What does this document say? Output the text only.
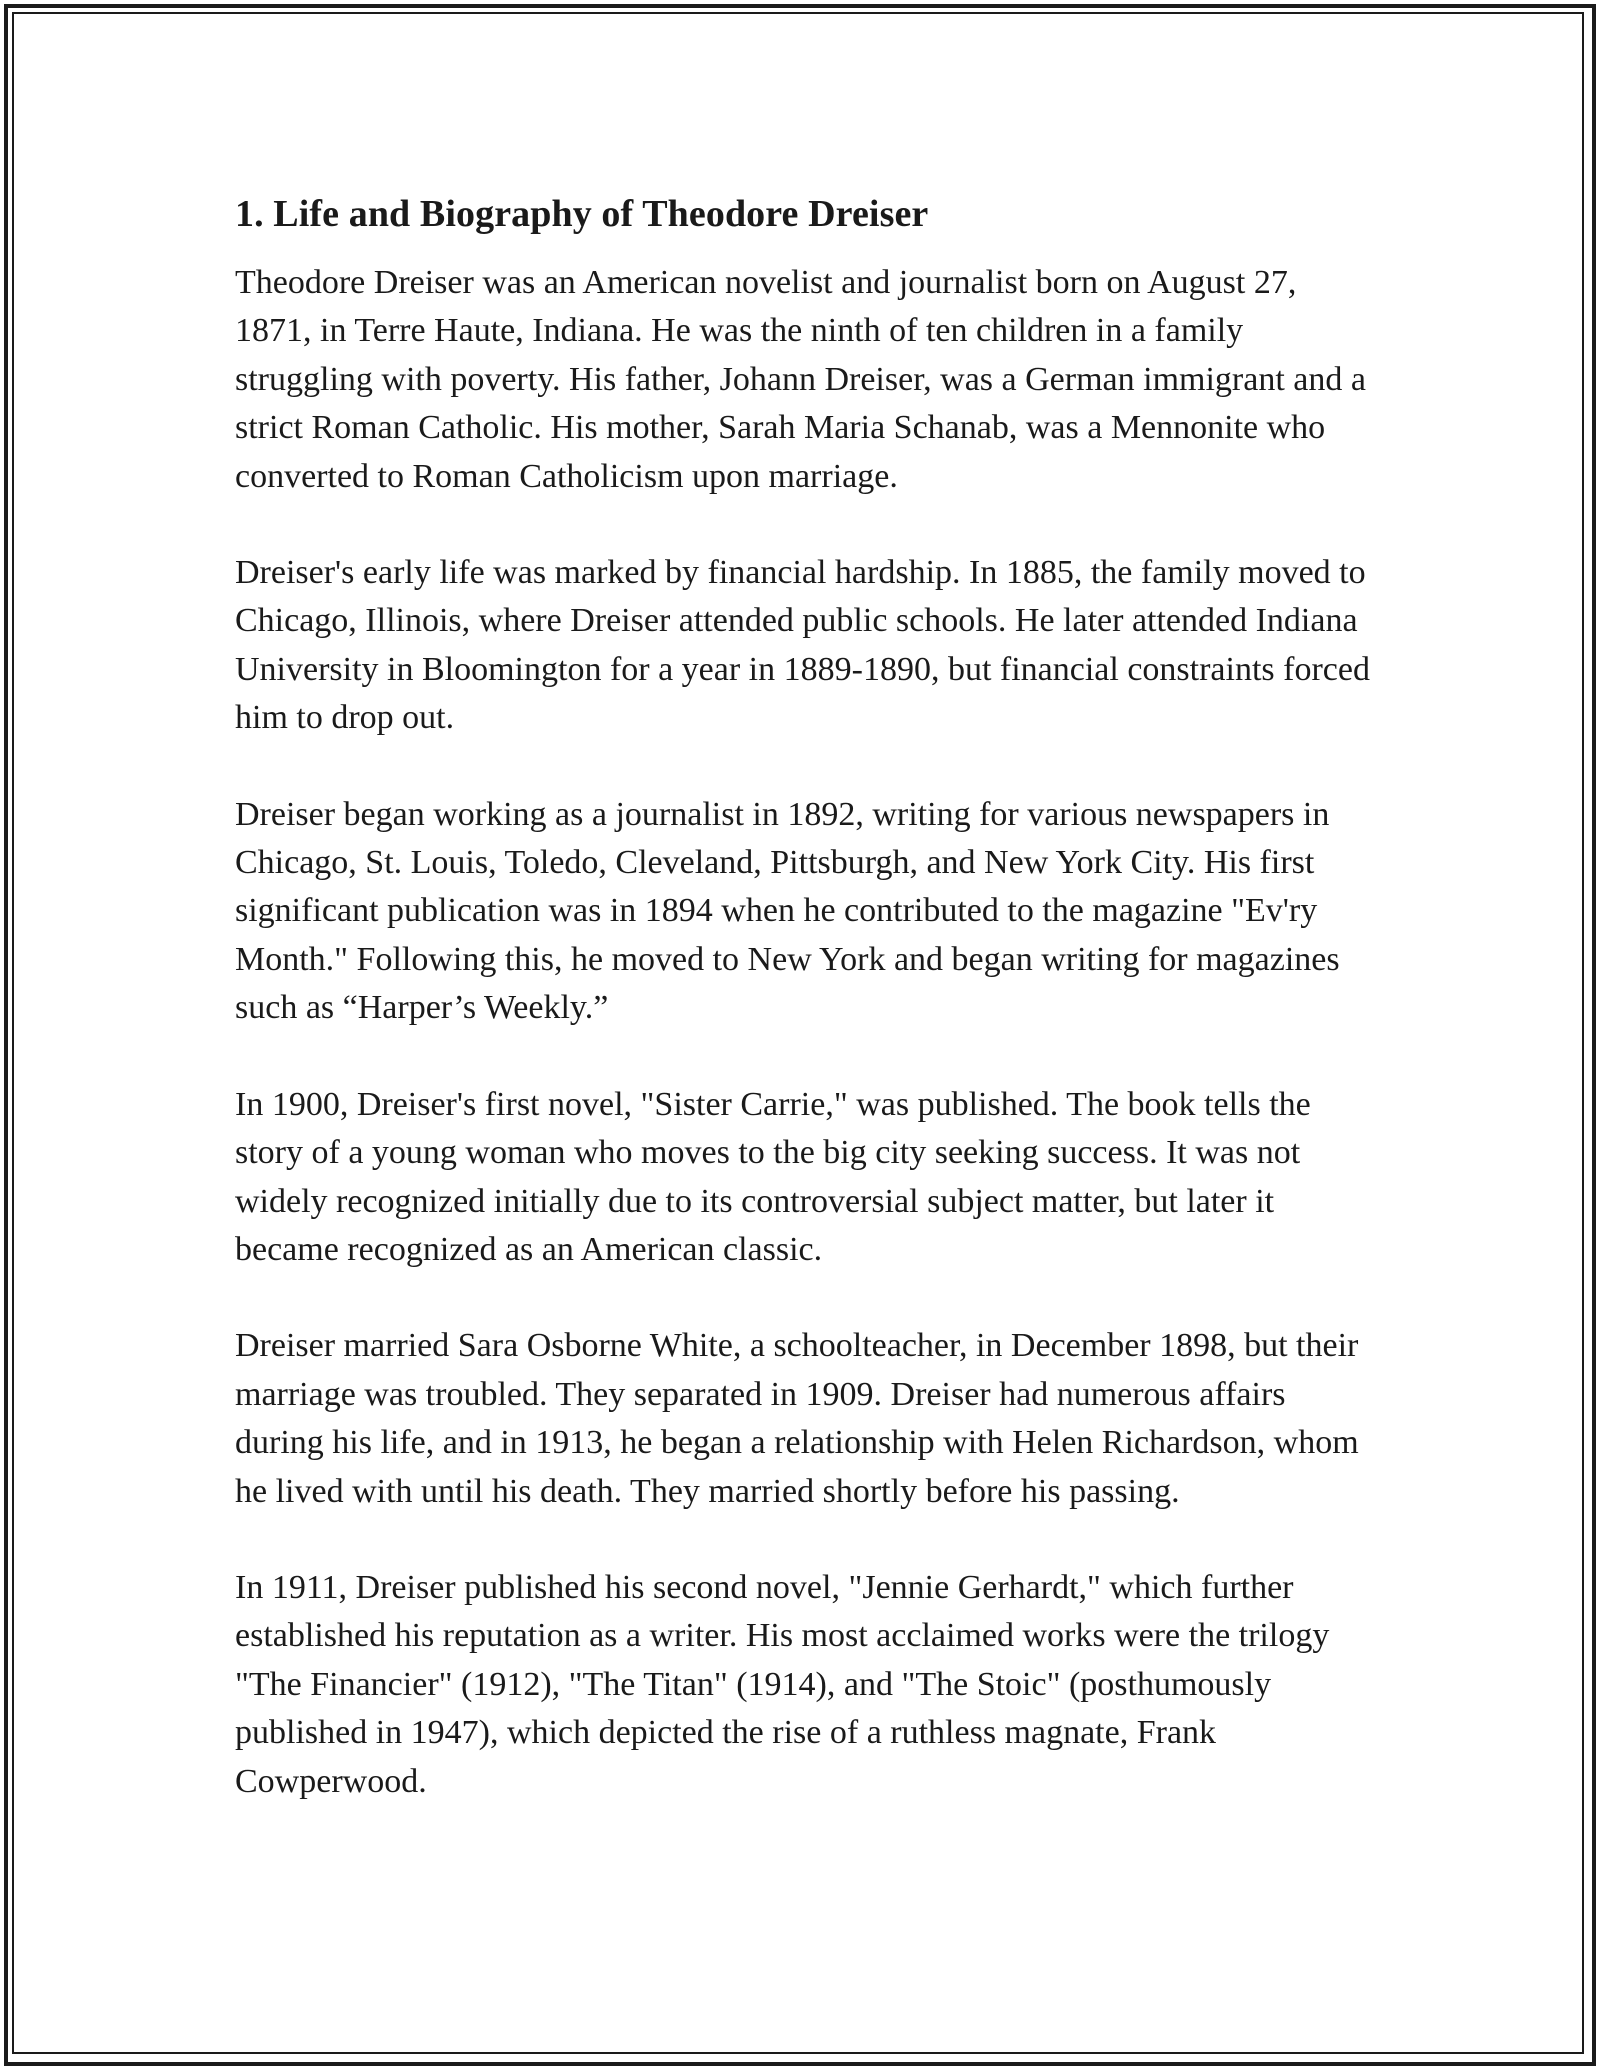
1. Life and Biography of Theodore Dreiser

Theodore Dreiser was an American novelist and journalist born on August 27, 1871, in Terre Haute, Indiana. He was the ninth of ten children in a family struggling with poverty. His father, Johann Dreiser, was a German immigrant and a strict Roman Catholic. His mother, Sarah Maria Schanab, was a Mennonite who converted to Roman Catholicism upon marriage.

Dreiser's early life was marked by financial hardship. In 1885, the family moved to Chicago, Illinois, where Dreiser attended public schools. He later attended Indiana University in Bloomington for a year in 1889-1890, but financial constraints forced him to drop out.

Dreiser began working as a journalist in 1892, writing for various newspapers in Chicago, St. Louis, Toledo, Cleveland, Pittsburgh, and New York City. His first significant publication was in 1894 when he contributed to the magazine "Ev'ry Month." Following this, he moved to New York and began writing for magazines such as “Harper’s Weekly.”

In 1900, Dreiser's first novel, "Sister Carrie," was published. The book tells the story of a young woman who moves to the big city seeking success. It was not widely recognized initially due to its controversial subject matter, but later it became recognized as an American classic.

Dreiser married Sara Osborne White, a schoolteacher, in December 1898, but their marriage was troubled. They separated in 1909. Dreiser had numerous affairs during his life, and in 1913, he began a relationship with Helen Richardson, whom he lived with until his death. They married shortly before his passing.

In 1911, Dreiser published his second novel, "Jennie Gerhardt," which further established his reputation as a writer. His most acclaimed works were the trilogy "The Financier" (1912), "The Titan" (1914), and "The Stoic" (posthumously published in 1947), which depicted the rise of a ruthless magnate, Frank Cowperwood.
